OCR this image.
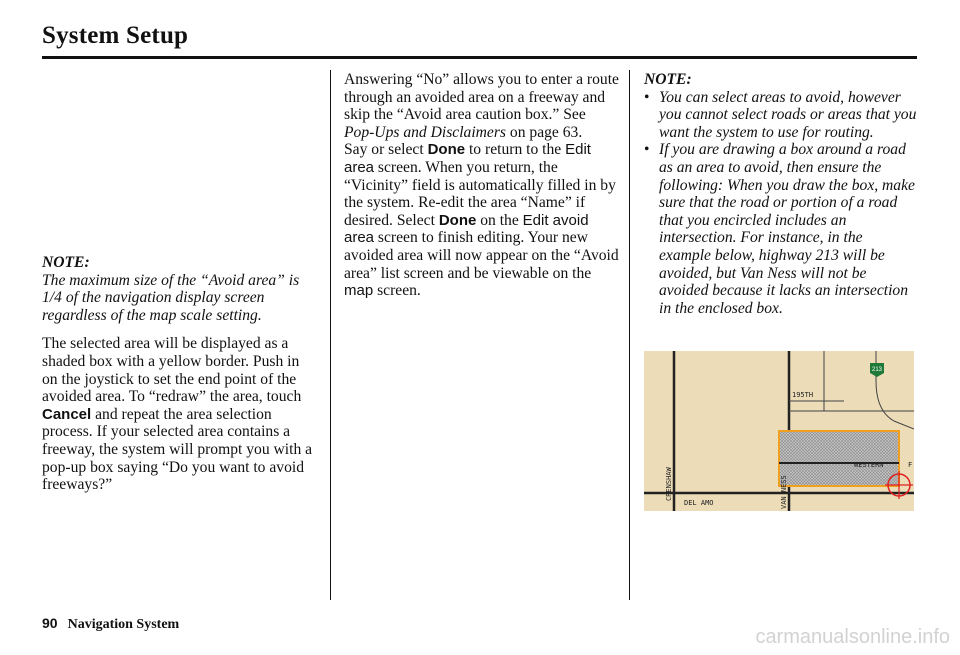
System Setup

NOTE:

The maximum size of the “Avoid area” is 1/4 of the navigation display screen regardless of the map scale setting.

The selected area will be displayed as a shaded box with a yellow border. Push in on the joystick to set the end point of the avoided area. To “redraw” the area, touch Cancel and repeat the area selection process. If your selected area contains a freeway, the system will prompt you with a pop-up box saying “Do you want to avoid freeways?”

Answering “No” allows you to enter a route through an avoided area on a freeway and skip the “Avoid area caution box.” See Pop-Ups and Disclaimers on page 63.

Say or select Done to return to the Edit area screen. When you return, the “Vicinity” field is automatically filled in by the system. Re-edit the area “Name” if desired. Select Done on the Edit avoid area screen to finish editing. Your new avoided area will now appear on the “Avoid area” list screen and be viewable on the map screen.

NOTE:

• You can select areas to avoid, however you cannot select roads or areas that you want the system to use for routing.
• If you are drawing a box around a road as an area to avoid, then ensure the following: When you draw the box, make sure that the road or portion of a road that you encircled includes an intersection. For instance, in the example below, highway 213 will be avoided, but Van Ness will not be avoided because it lacks an intersection in the enclosed box.
213
195TH
DEL AMO
WESTERN	F
CRENSHAW	VAN NESS
90 Navigation System
carmanualsonline.info
